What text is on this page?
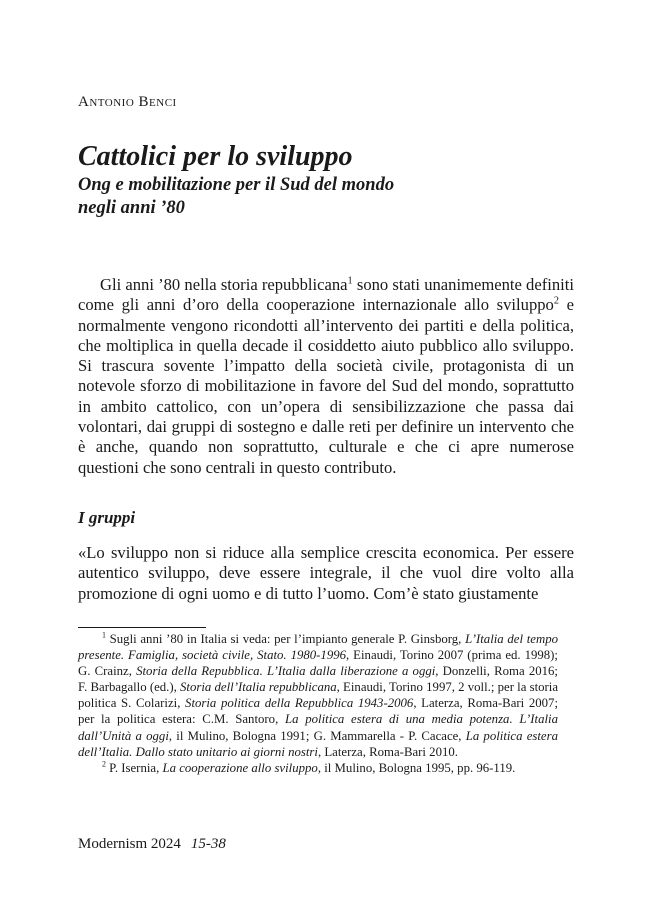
Antonio Benci
Cattolici per lo sviluppo
Ong e mobilitazione per il Sud del mondo
negli anni ’80

Gli anni ’80 nella storia repubblicana$^1$ sono stati unanimemente definiti come gli anni d’oro della cooperazione internazionale allo sviluppo$^2$ e normalmente vengono ricondotti all’intervento dei partiti e della politica, che moltiplica in quella decade il cosiddetto aiuto pubblico allo sviluppo. Si trascura sovente l’impatto della società civile, protagonista di un notevole sforzo di mobilitazione in favore del Sud del mondo, soprattutto in ambito cattolico, con un’opera di sensibilizzazione che passa dai volontari, dai gruppi di sostegno e dalle reti per definire un intervento che è anche, quando non soprattutto, culturale e che ci apre numerose questioni che sono centrali in questo contributo.

I gruppi

«Lo sviluppo non si riduce alla semplice crescita economica. Per essere autentico sviluppo, deve essere integrale, il che vuol dire volto alla promozione di ogni uomo e di tutto l’uomo. Com’è stato giustamente

$^1$ Sugli anni ’80 in Italia si veda: per l’impianto generale P. Ginsborg, L’Italia del tempo presente. Famiglia, società civile, Stato. 1980-1996, Einaudi, Torino 2007 (prima ed. 1998); G. Crainz, Storia della Repubblica. L’Italia dalla liberazione a oggi, Donzelli, Roma 2016; F. Barbagallo (ed.), Storia dell’Italia repubblicana, Einaudi, Torino 1997, 2 voll.; per la storia politica S. Colarizi, Storia politica della Repubblica 1943-2006, Laterza, Roma-Bari 2007; per la politica estera: C.M. Santoro, La politica estera di una media potenza. L’Italia dall’Unità a oggi, il Mulino, Bologna 1991; G. Mammarella - P. Cacace, La politica estera dell’Italia. Dallo stato unitario ai giorni nostri, Laterza, Roma-Bari 2010.

$^2$ P. Isernia, La cooperazione allo sviluppo, il Mulino, Bologna 1995, pp. 96-119.

Modernism 2024 15-38
